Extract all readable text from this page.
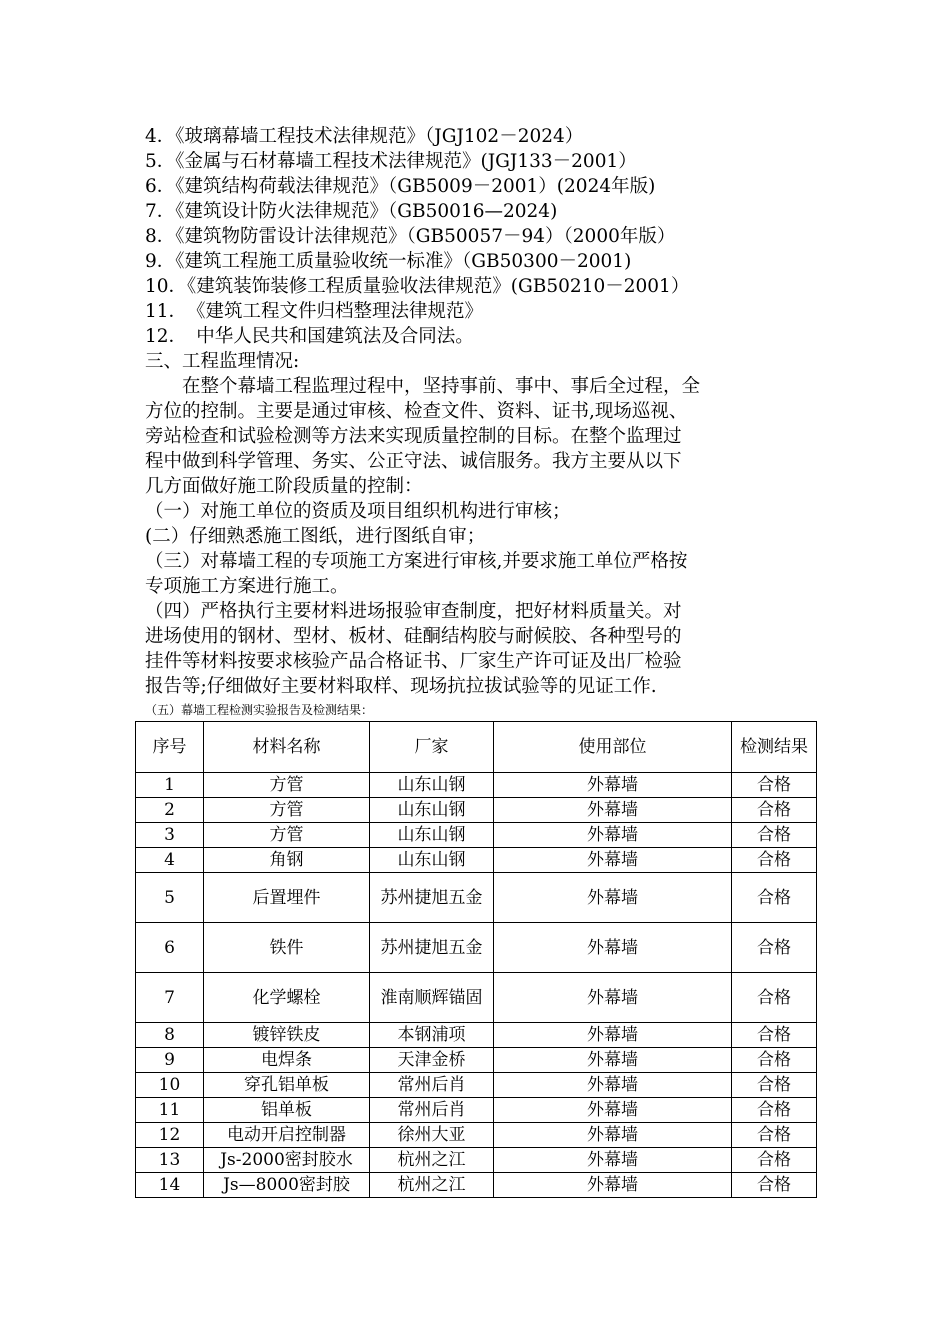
4．《玻璃幕墙工程技术法律规范》（JGJ102－2024）
5．《金属与石材幕墙工程技术法律规范》(JGJ133－2001）
6．《建筑结构荷载法律规范》（GB5009－2001）(2024年版)
7．《建筑设计防火法律规范》（GB50016—2024)
8．《建筑物防雷设计法律规范》（GB50057－94）（2000年版）
9．《建筑工程施工质量验收统一标准》（GB50300－2001)
10．《建筑装饰装修工程质量验收法律规范》(GB50210－2001）
11．　《建筑工程文件归档整理法律规范》
12．　中华人民共和国建筑法及合同法。
三、工程监理情况:
　　在整个幕墙工程监理过程中，坚持事前、事中、事后全过程，全
方位的控制。主要是通过审核、检查文件、资料、证书,现场巡视、
旁站检查和试验检测等方法来实现质量控制的目标。在整个监理过
程中做到科学管理、务实、公正守法、诚信服务。我方主要从以下
几方面做好施工阶段质量的控制：
（一）对施工单位的资质及项目组织机构进行审核；
(二）仔细熟悉施工图纸，进行图纸自审；
（三）对幕墙工程的专项施工方案进行审核,并要求施工单位严格按
专项施工方案进行施工。
（四）严格执行主要材料进场报验审查制度，把好材料质量关。对
进场使用的钢材、型材、板材、硅酮结构胶与耐候胶、各种型号的
挂件等材料按要求核验产品合格证书、厂家生产许可证及出厂检验
报告等;仔细做好主要材料取样、现场抗拉拔试验等的见证工作.
（五）幕墙工程检测实验报告及检测结果：
序号	材料名称	厂家	使用部位	检测结果
1	方管	山东山钢	外幕墙	合格
2	方管	山东山钢	外幕墙	合格
3	方管	山东山钢	外幕墙	合格
4	角钢	山东山钢	外幕墙	合格
5	后置埋件	苏州捷旭五金	外幕墙	合格
6	铁件	苏州捷旭五金	外幕墙	合格
7	化学螺栓	淮南顺辉锚固	外幕墙	合格
8	镀锌铁皮	本钢浦项	外幕墙	合格
9	电焊条	天津金桥	外幕墙	合格
10	穿孔铝单板	常州后肖	外幕墙	合格
11	铝单板	常州后肖	外幕墙	合格
12	电动开启控制器	徐州大亚	外幕墙	合格
13	Js-2000密封胶水	杭州之江	外幕墙	合格
14	Js—8000密封胶	杭州之江	外幕墙	合格
